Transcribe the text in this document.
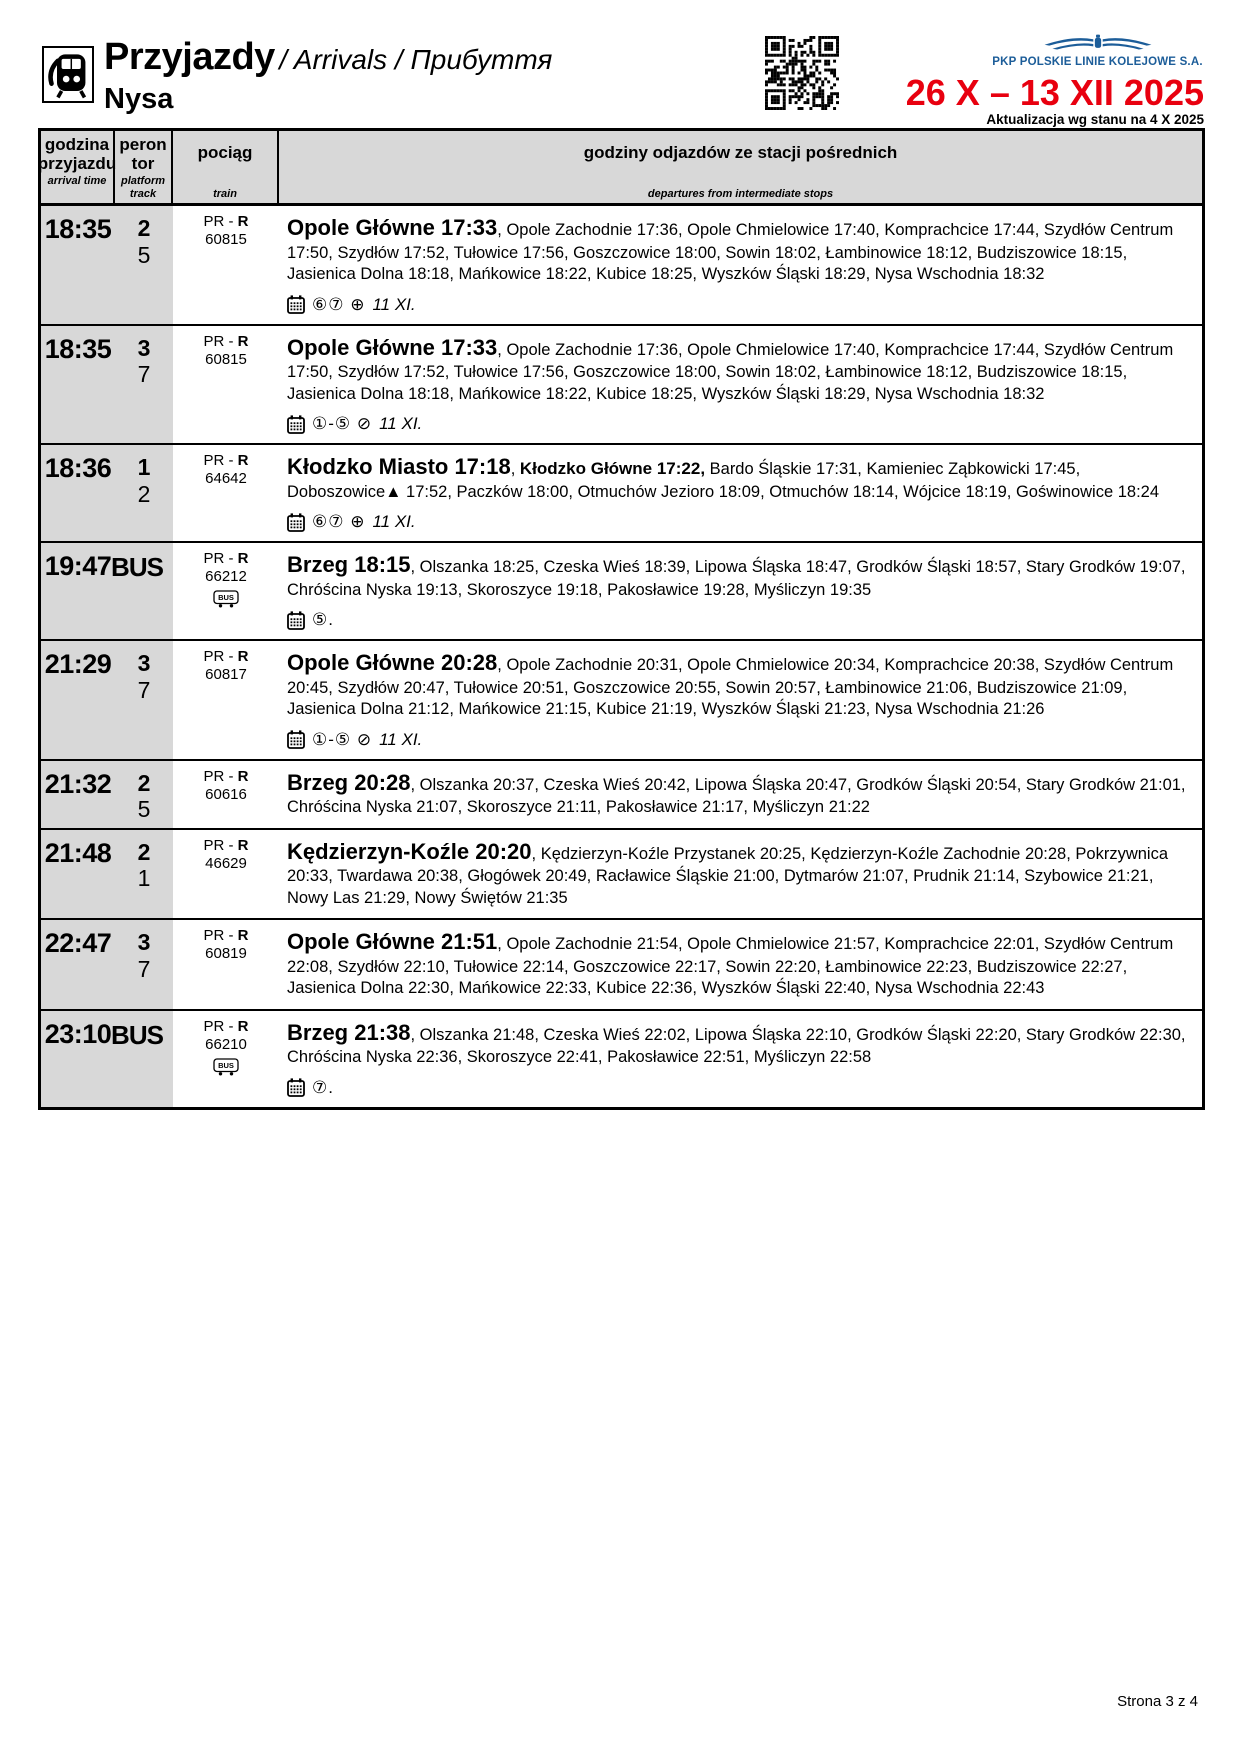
Przyjazdy / Arrivals / Прибуття
Nysa
PKP POLSKIE LINIE KOLEJOWE S.A.
26 X – 13 XII 2025
Aktualizacja wg stanu na 4 X 2025
godzina
przyjazdu
arrival time
peron
tor
platform
track
pociąg
train
godziny odjazdów ze stacji pośrednich
departures from intermediate stops
18:35 2
5
PR - R
60815 Opole Główne 17:33, Opole Zachodnie 17:36, Opole Chmielowice 17:40, Komprachcice 17:44, Szydłów Centrum 17:50, Szydłów 17:52, Tułowice 17:56, Goszczowice 18:00, Sowin 18:02, Łambinowice 18:12, Budziszowice 18:15, Jasienica Dolna 18:18, Mańkowice 18:22, Kubice 18:25, Wyszków Śląski 18:29, Nysa Wschodnia 18:32
⑥⑦ ⊕ 11 XI.
18:35 3
7
PR - R
60815 Opole Główne 17:33, Opole Zachodnie 17:36, Opole Chmielowice 17:40, Komprachcice 17:44, Szydłów Centrum 17:50, Szydłów 17:52, Tułowice 17:56, Goszczowice 18:00, Sowin 18:02, Łambinowice 18:12, Budziszowice 18:15, Jasienica Dolna 18:18, Mańkowice 18:22, Kubice 18:25, Wyszków Śląski 18:29, Nysa Wschodnia 18:32
①-⑤ ⊘ 11 XI.
18:36 1
2
PR - R
64642 Kłodzko Miasto 17:18, Kłodzko Główne 17:22, Bardo Śląskie 17:31, Kamieniec Ząbkowicki 17:45, Doboszowice▲ 17:52, Paczków 18:00, Otmuchów Jezioro 18:09, Otmuchów 18:14, Wójcice 18:19, Goświnowice 18:24
⑥⑦ ⊕ 11 XI.
19:47 BUS	PR - R
66212
BUS
Brzeg 18:15, Olszanka 18:25, Czeska Wieś 18:39, Lipowa Śląska 18:47, Grodków Śląski 18:57, Stary Grodków 19:07, Chróścina Nyska 19:13, Skoroszyce 19:18, Pakosławice 19:28, Myśliczyn 19:35
⑤.
21:29 3
7
PR - R
60817 Opole Główne 20:28, Opole Zachodnie 20:31, Opole Chmielowice 20:34, Komprachcice 20:38, Szydłów Centrum 20:45, Szydłów 20:47, Tułowice 20:51, Goszczowice 20:55, Sowin 20:57, Łambinowice 21:06, Budziszowice 21:09, Jasienica Dolna 21:12, Mańkowice 21:15, Kubice 21:19, Wyszków Śląski 21:23, Nysa Wschodnia 21:26
①-⑤ ⊘ 11 XI.
21:32 2
5
PR - R
60616 Brzeg 20:28, Olszanka 20:37, Czeska Wieś 20:42, Lipowa Śląska 20:47, Grodków Śląski 20:54, Stary Grodków 21:01, Chróścina Nyska 21:07, Skoroszyce 21:11, Pakosławice 21:17, Myśliczyn 21:22
21:48 2
1
PR - R
46629 Kędzierzyn-Koźle 20:20, Kędzierzyn-Koźle Przystanek 20:25, Kędzierzyn-Koźle Zachodnie 20:28, Pokrzywnica 20:33, Twardawa 20:38, Głogówek 20:49, Racławice Śląskie 21:00, Dytmarów 21:07, Prudnik 21:14, Szybowice 21:21, Nowy Las 21:29, Nowy Świętów 21:35
22:47 3
7
PR - R
60819 Opole Główne 21:51, Opole Zachodnie 21:54, Opole Chmielowice 21:57, Komprachcice 22:01, Szydłów Centrum 22:08, Szydłów 22:10, Tułowice 22:14, Goszczowice 22:17, Sowin 22:20, Łambinowice 22:23, Budziszowice 22:27, Jasienica Dolna 22:30, Mańkowice 22:33, Kubice 22:36, Wyszków Śląski 22:40, Nysa Wschodnia 22:43
23:10 BUS	PR - R
66210
BUS
Brzeg 21:38, Olszanka 21:48, Czeska Wieś 22:02, Lipowa Śląska 22:10, Grodków Śląski 22:20, Stary Grodków 22:30, Chróścina Nyska 22:36, Skoroszyce 22:41, Pakosławice 22:51, Myśliczyn 22:58
⑦.
Strona 3 z 4
